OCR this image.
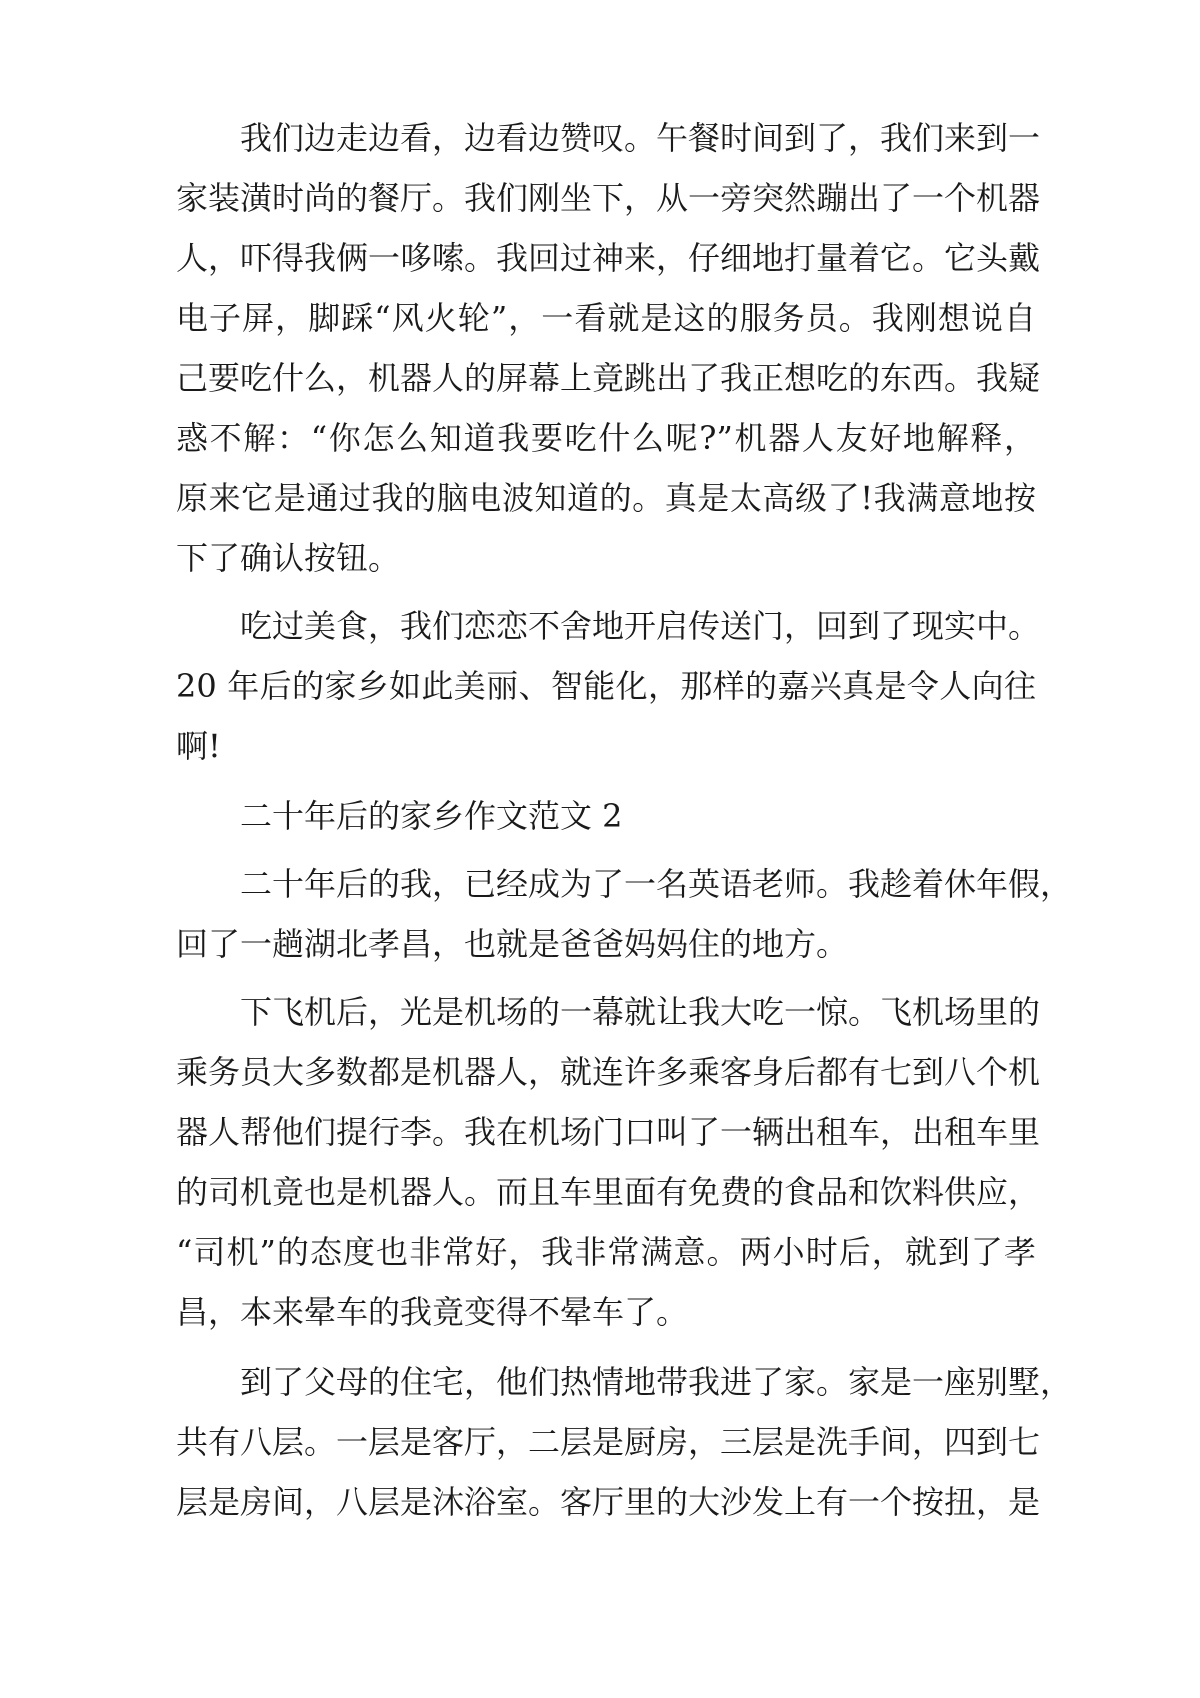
我们边走边看，边看边赞叹。午餐时间到了，我们来到一
家装潢时尚的餐厅。我们刚坐下，从一旁突然蹦出了一个机器
人，吓得我俩一哆嗦。我回过神来，仔细地打量着它。它头戴
电子屏，脚踩“风火轮”，一看就是这的服务员。我刚想说自
己要吃什么，机器人的屏幕上竟跳出了我正想吃的东西。我疑
惑不解：“你怎么知道我要吃什么呢?”机器人友好地解释，
原来它是通过我的脑电波知道的。真是太高级了!我满意地按
下了确认按钮。
吃过美食，我们恋恋不舍地开启传送门，回到了现实中。
20 年后的家乡如此美丽、智能化，那样的嘉兴真是令人向往
啊!
二十年后的家乡作文范文 2
二十年后的我，已经成为了一名英语老师。我趁着休年假，
回了一趟湖北孝昌，也就是爸爸妈妈住的地方。
下飞机后，光是机场的一幕就让我大吃一惊。飞机场里的
乘务员大多数都是机器人，就连许多乘客身后都有七到八个机
器人帮他们提行李。我在机场门口叫了一辆出租车，出租车里
的司机竟也是机器人。而且车里面有免费的食品和饮料供应，
“司机”的态度也非常好，我非常满意。两小时后，就到了孝
昌，本来晕车的我竟变得不晕车了。
到了父母的住宅，他们热情地带我进了家。家是一座别墅，
共有八层。一层是客厅，二层是厨房，三层是洗手间，四到七
层是房间，八层是沐浴室。客厅里的大沙发上有一个按扭，是
